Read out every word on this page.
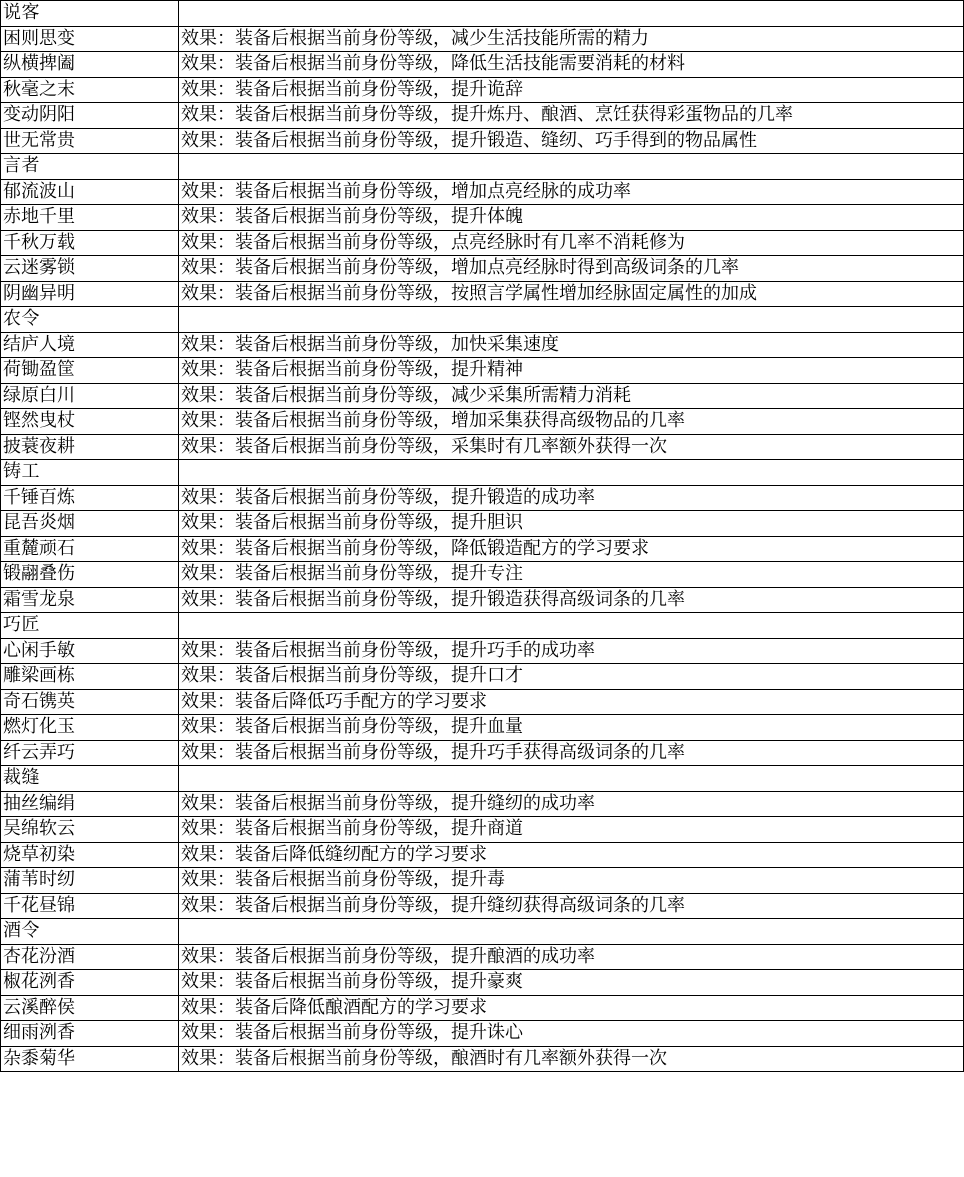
说客	
困则思变	效果：装备后根据当前身份等级，减少生活技能所需的精力
纵横捭阖	效果：装备后根据当前身份等级，降低生活技能需要消耗的材料
秋毫之末	效果：装备后根据当前身份等级，提升诡辞
变动阴阳	效果：装备后根据当前身份等级，提升炼丹、酿酒、烹饪获得彩蛋物品的几率
世无常贵	效果：装备后根据当前身份等级，提升锻造、缝纫、巧手得到的物品属性
言者	
郁流波山	效果：装备后根据当前身份等级，增加点亮经脉的成功率
赤地千里	效果：装备后根据当前身份等级，提升体魄
千秋万载	效果：装备后根据当前身份等级，点亮经脉时有几率不消耗修为
云迷雾锁	效果：装备后根据当前身份等级，增加点亮经脉时得到高级词条的几率
阴幽异明	效果：装备后根据当前身份等级，按照言学属性增加经脉固定属性的加成
农令	
结庐人境	效果：装备后根据当前身份等级，加快采集速度
荷锄盈筐	效果：装备后根据当前身份等级，提升精神
绿原白川	效果：装备后根据当前身份等级，减少采集所需精力消耗
铿然曳杖	效果：装备后根据当前身份等级，增加采集获得高级物品的几率
披蓑夜耕	效果：装备后根据当前身份等级，采集时有几率额外获得一次
铸工	
千锤百炼	效果：装备后根据当前身份等级，提升锻造的成功率
昆吾炎烟	效果：装备后根据当前身份等级，提升胆识
重麓顽石	效果：装备后根据当前身份等级，降低锻造配方的学习要求
锻翮叠伤	效果：装备后根据当前身份等级，提升专注
霜雪龙泉	效果：装备后根据当前身份等级，提升锻造获得高级词条的几率
巧匠	
心闲手敏	效果：装备后根据当前身份等级，提升巧手的成功率
雕梁画栋	效果：装备后根据当前身份等级，提升口才
奇石镌英	效果：装备后降低巧手配方的学习要求
燃灯化玉	效果：装备后根据当前身份等级，提升血量
纤云弄巧	效果：装备后根据当前身份等级，提升巧手获得高级词条的几率
裁缝	
抽丝编绢	效果：装备后根据当前身份等级，提升缝纫的成功率
吴绵软云	效果：装备后根据当前身份等级，提升商道
烧草初染	效果：装备后降低缝纫配方的学习要求
蒲苇时纫	效果：装备后根据当前身份等级，提升毒
千花昼锦	效果：装备后根据当前身份等级，提升缝纫获得高级词条的几率
酒令	
杏花汾酒	效果：装备后根据当前身份等级，提升酿酒的成功率
椒花洌香	效果：装备后根据当前身份等级，提升豪爽
云溪醉侯	效果：装备后降低酿酒配方的学习要求
细雨洌香	效果：装备后根据当前身份等级，提升诛心
杂黍菊华	效果：装备后根据当前身份等级，酿酒时有几率额外获得一次
